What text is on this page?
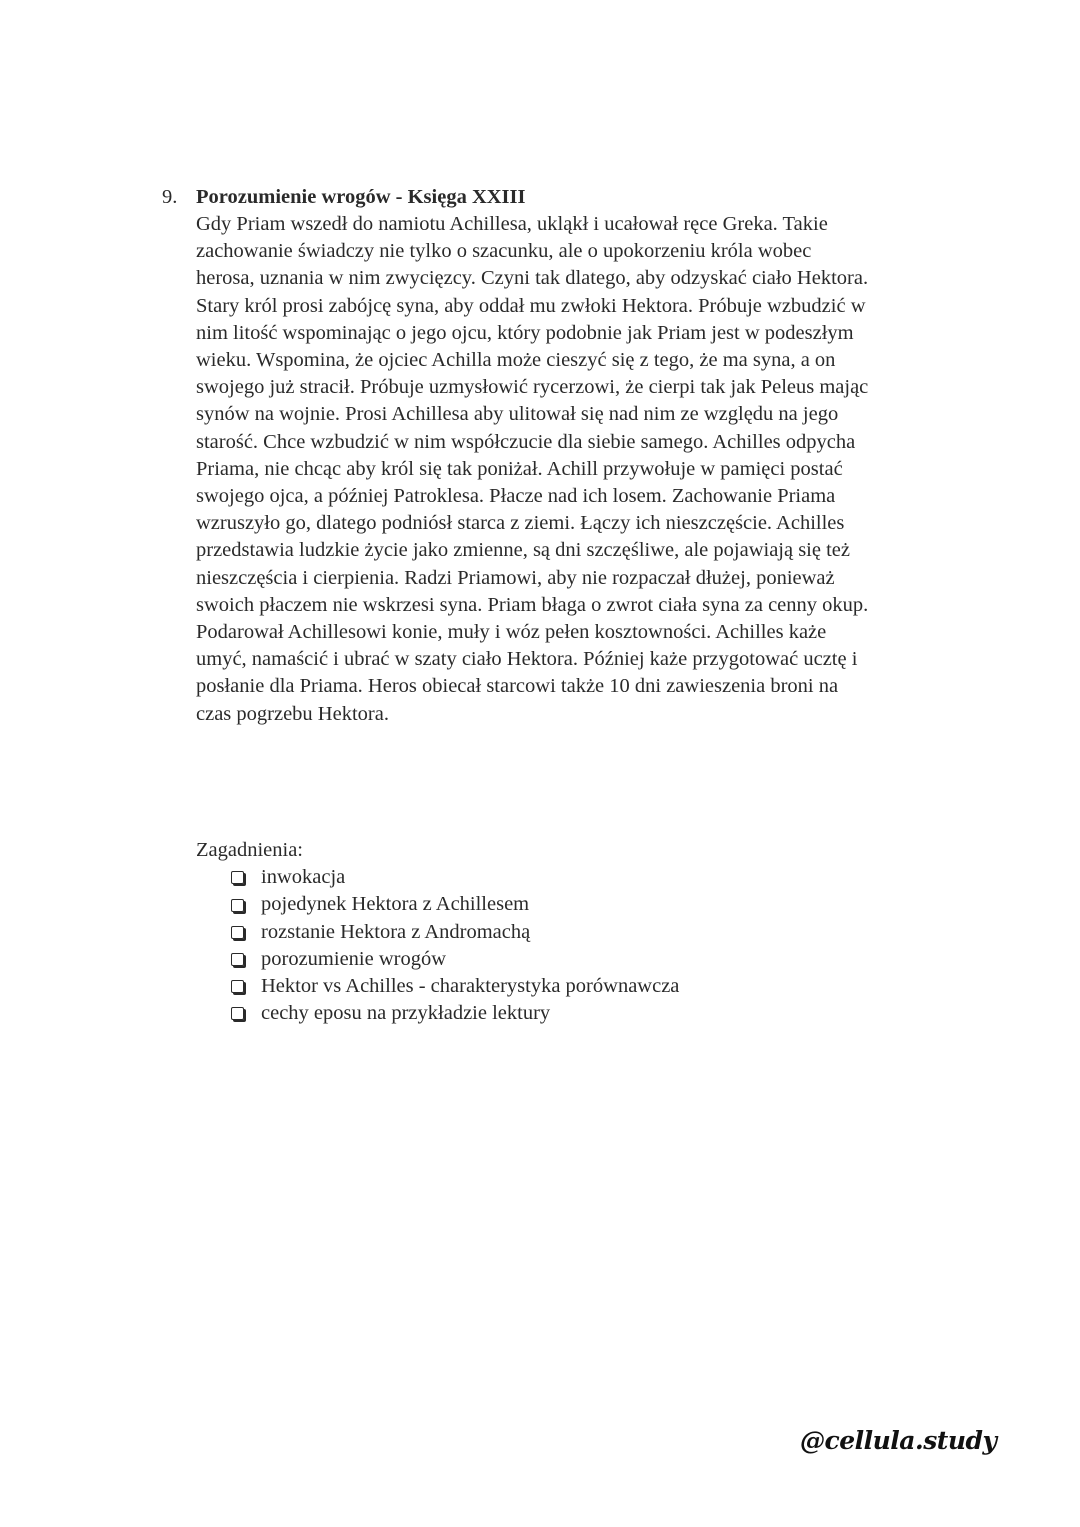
9. Porozumienie wrogów - Księga XXIII
Gdy Priam wszedł do namiotu Achillesa, ukląkł i ucałował ręce Greka. Takie
zachowanie świadczy nie tylko o szacunku, ale o upokorzeniu króla wobec
herosa, uznania w nim zwycięzcy. Czyni tak dlatego, aby odzyskać ciało Hektora.
Stary król prosi zabójcę syna, aby oddał mu zwłoki Hektora. Próbuje wzbudzić w
nim litość wspominając o jego ojcu, który podobnie jak Priam jest w podeszłym
wieku. Wspomina, że ojciec Achilla może cieszyć się z tego, że ma syna, a on
swojego już stracił. Próbuje uzmysłowić rycerzowi, że cierpi tak jak Peleus mając
synów na wojnie. Prosi Achillesa aby ulitował się nad nim ze względu na jego
starość. Chce wzbudzić w nim współczucie dla siebie samego. Achilles odpycha
Priama, nie chcąc aby król się tak poniżał. Achill przywołuje w pamięci postać
swojego ojca, a później Patroklesa. Płacze nad ich losem. Zachowanie Priama
wzruszyło go, dlatego podniósł starca z ziemi. Łączy ich nieszczęście. Achilles
przedstawia ludzkie życie jako zmienne, są dni szczęśliwe, ale pojawiają się też
nieszczęścia i cierpienia. Radzi Priamowi, aby nie rozpaczał dłużej, ponieważ
swoich płaczem nie wskrzesi syna. Priam błaga o zwrot ciała syna za cenny okup.
Podarował Achillesowi konie, muły i wóz pełen kosztowności. Achilles każe
umyć, namaścić i ubrać w szaty ciało Hektora. Później każe przygotować ucztę i
posłanie dla Priama. Heros obiecał starcowi także 10 dni zawieszenia broni na
czas pogrzebu Hektora.
Zagadnienia:
inwokacja
pojedynek Hektora z Achillesem
rozstanie Hektora z Andromachą
porozumienie wrogów
Hektor vs Achilles - charakterystyka porównawcza
cechy eposu na przykładzie lektury
@cellula.study
